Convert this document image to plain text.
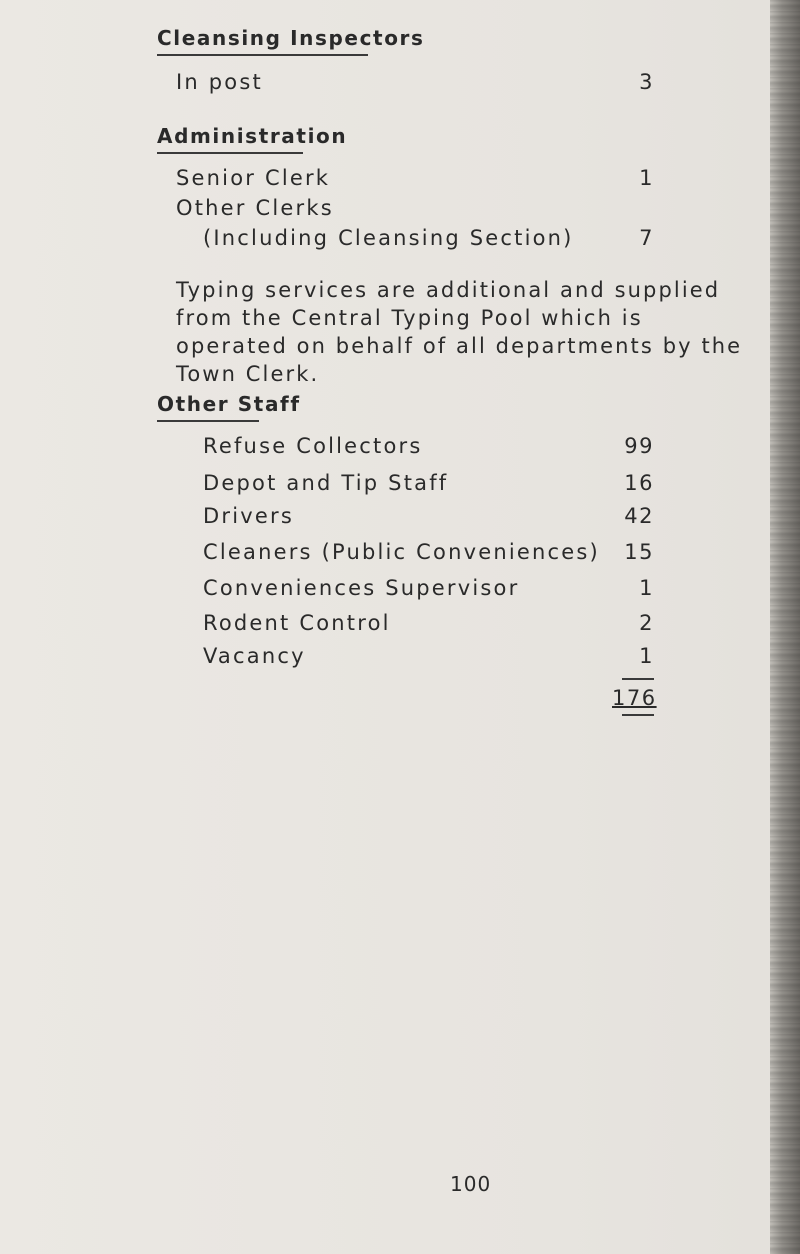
Cleansing Inspectors
In post	3
Administration
Senior Clerk	1
Other Clerks
(Including Cleansing Section)	7
Typing services are additional and supplied from the Central Typing Pool which is operated on behalf of all departments by the Town Clerk.
Other Staff
Refuse Collectors	99
Depot and Tip Staff	16
Drivers	42
Cleaners (Public Conveniences)	15
Conveniences Supervisor	1
Rodent Control	2
Vacancy	1
176
100
